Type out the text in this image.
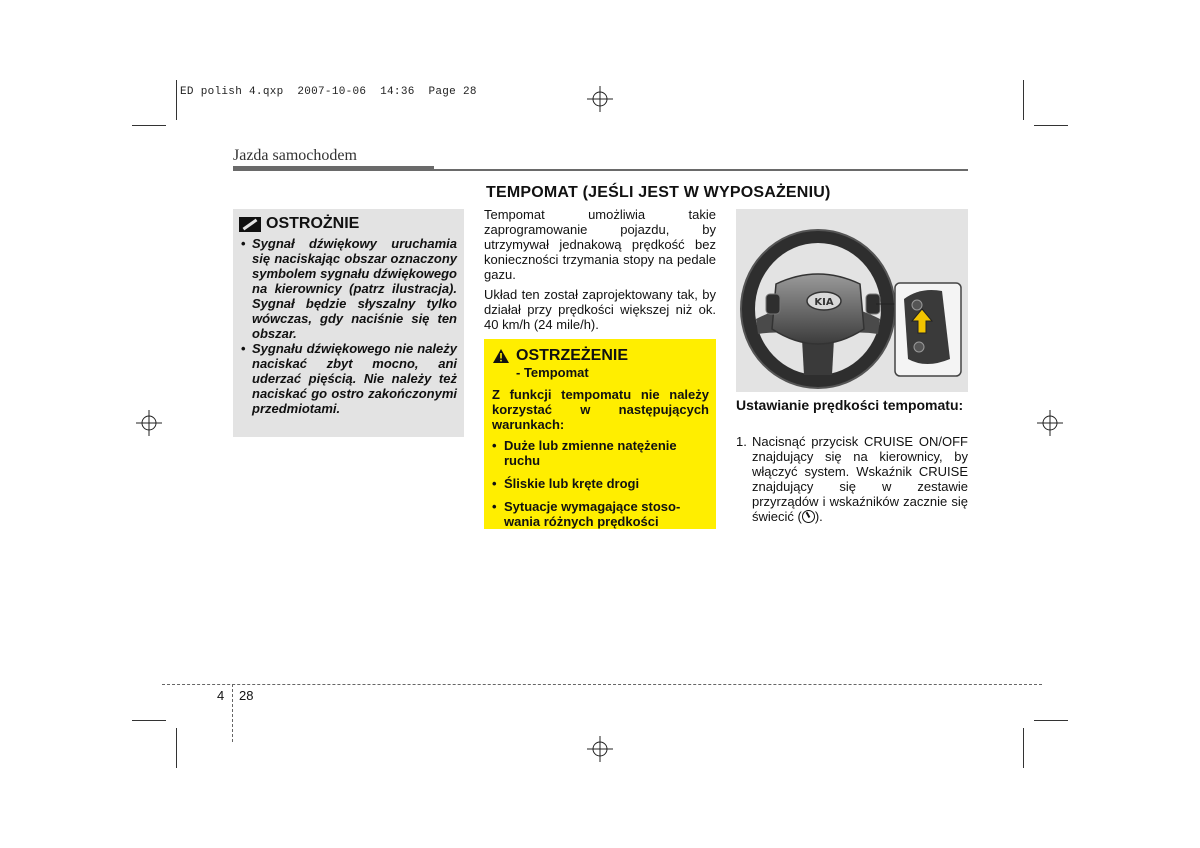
ED polish 4.qxp  2007-10-06  14:36  Page 28
Jazda samochodem
TEMPOMAT (JEŚLI JEST W WYPOSAŻENIU)
OSTROŻNIE
• Sygnał dźwiękowy uruchamia się naciskając obszar oznaczony symbolem sygnału dźwiękowego na kierownicy (patrz ilustracja). Sygnał będzie słyszalny tylko wówczas, gdy naciśnie się ten obszar.
• Sygnału dźwiękowego nie należy naciskać zbyt mocno, ani uderzać pięścią. Nie należy też naciskać go ostro zakończonymi przedmiotami.

Tempomat umożliwia takie zaprogramowanie pojazdu, by utrzymywał jednakową prędkość bez konieczności trzymania stopy na pedale gazu.

Układ ten został zaprojektowany tak, by działał przy prędkości większej niż ok. 40 km/h (24 mile/h).

OSTRZEŻENIE
- Tempomat
Z funkcji tempomatu nie należy korzystać w następujących warunkach:
• Duże lub zmienne natężenie ruchu
• Śliskie lub kręte drogi
• Sytuacje wymagające stoso-wania różnych prędkości
KIA
Ustawianie prędkości tempomatu:
1. Nacisnąć przycisk CRUISE ON/OFF znajdujący się na kierownicy, by włączyć system. Wskaźnik CRUISE znajdujący się w zestawie przyrządów i wskaźników zacznie się świecić ( ).
4 28
